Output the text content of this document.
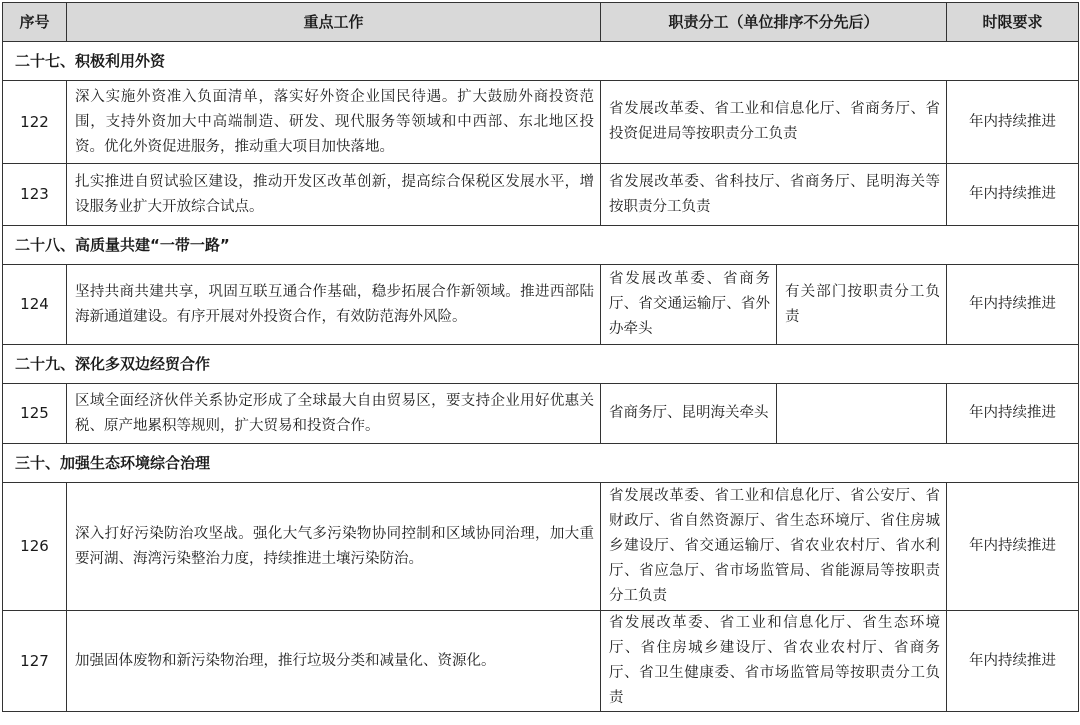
序号	重点工作	职责分工（单位排序不分先后）		时限要求
二十七、积极利用外资				
122	深入实施外资准入负面清单，落实好外资企业国民待遇。扩大鼓励外商投资范围，支持外资加大中高端制造、研发、现代服务等领域和中西部、东北地区投资。优化外资促进服务，推动重大项目加快落地。	省发展改革委、省工业和信息化厅、省商务厅、省投资促进局等按职责分工负责		年内持续推进
123	扎实推进自贸试验区建设，推动开发区改革创新，提高综合保税区发展水平，增设服务业扩大开放综合试点。	省发展改革委、省科技厅、省商务厅、昆明海关等按职责分工负责		年内持续推进
二十八、高质量共建“一带一路”				
124	坚持共商共建共享，巩固互联互通合作基础，稳步拓展合作新领域。推进西部陆海新通道建设。有序开展对外投资合作，有效防范海外风险。	省发展改革委、省商务厅、省交通运输厅、省外办牵头	有关部门按职责分工负责	年内持续推进
二十九、深化多双边经贸合作				
125	区域全面经济伙伴关系协定形成了全球最大自由贸易区，要支持企业用好优惠关税、原产地累积等规则，扩大贸易和投资合作。	省商务厅、昆明海关牵头		年内持续推进
三十、加强生态环境综合治理				
126	深入打好污染防治攻坚战。强化大气多污染物协同控制和区域协同治理，加大重要河湖、海湾污染整治力度，持续推进土壤污染防治。	省发展改革委、省工业和信息化厅、省公安厅、省财政厅、省自然资源厅、省生态环境厅、省住房城乡建设厅、省交通运输厅、省农业农村厅、省水利厅、省应急厅、省市场监管局、省能源局等按职责分工负责		年内持续推进
127	加强固体废物和新污染物治理，推行垃圾分类和减量化、资源化。	省发展改革委、省工业和信息化厅、省生态环境厅、省住房城乡建设厅、省农业农村厅、省商务厅、省卫生健康委、省市场监管局等按职责分工负责		年内持续推进
